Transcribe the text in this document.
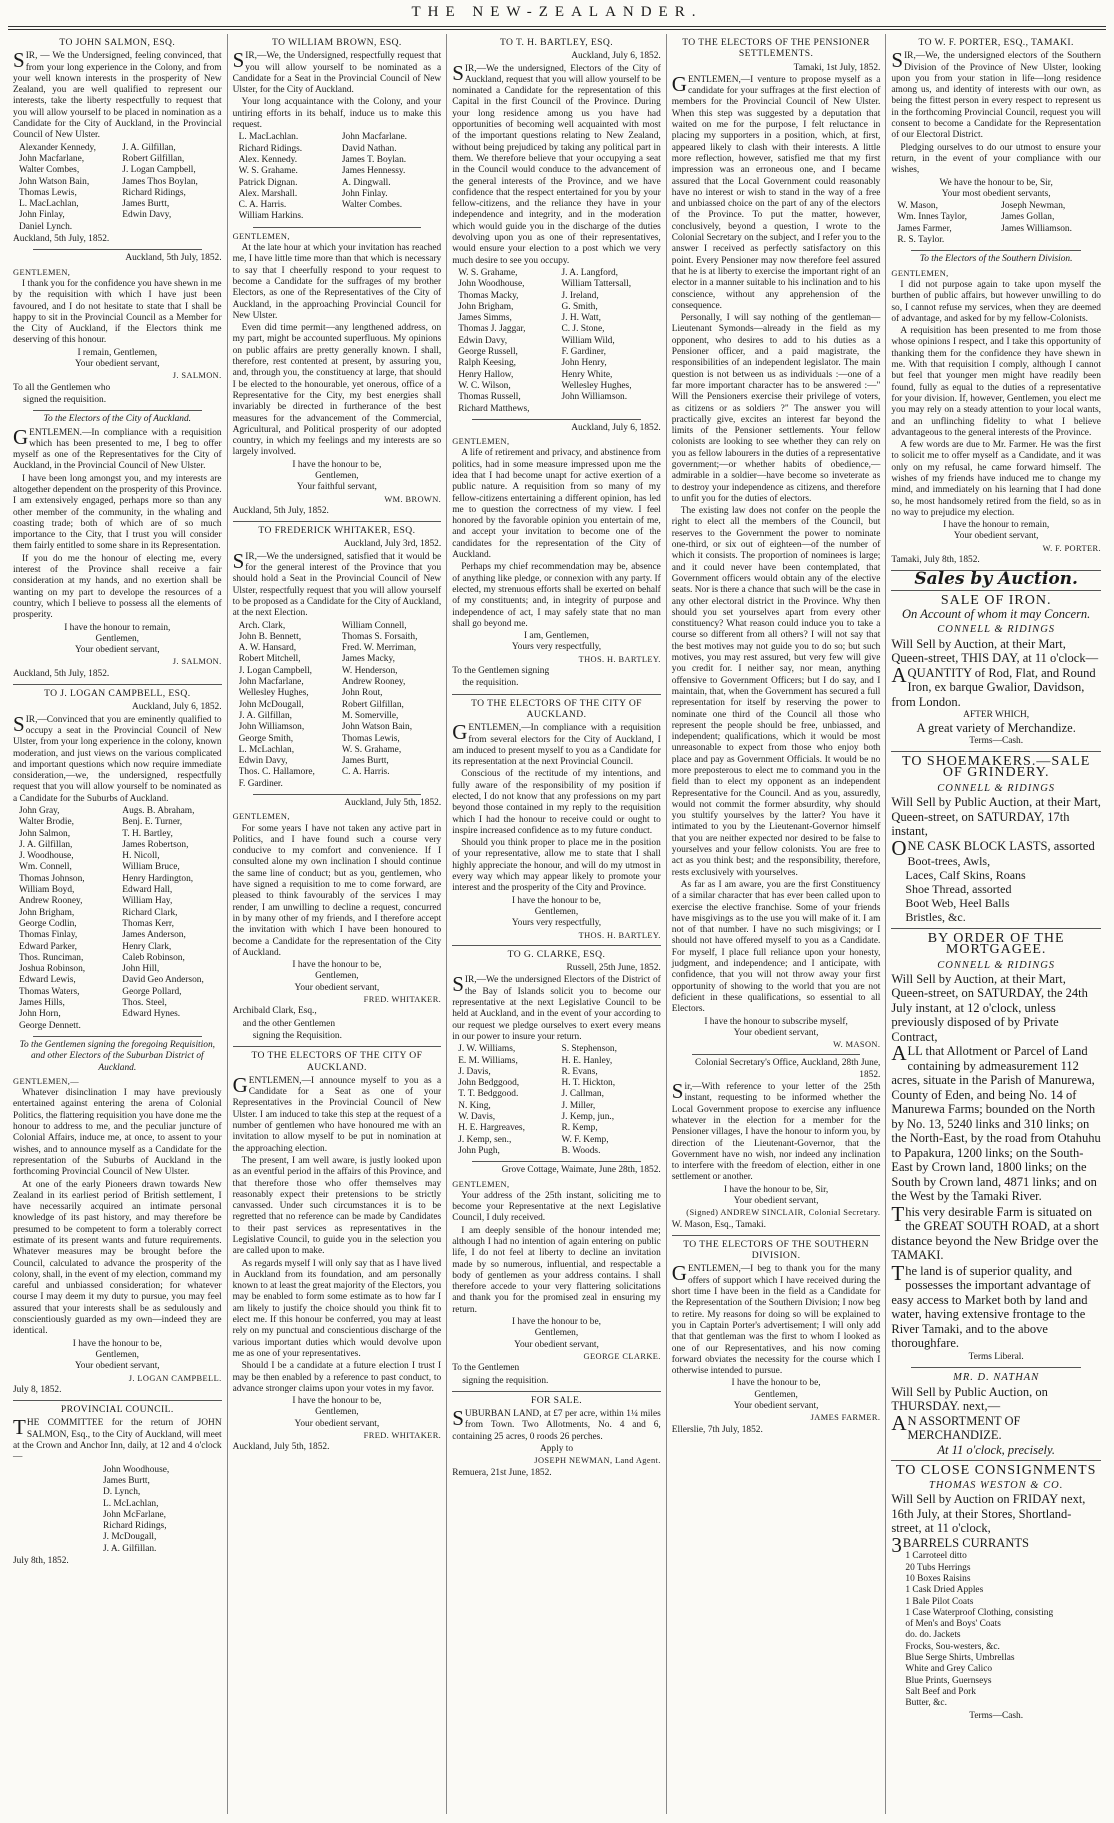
THE NEW-ZEALANDER.
TO JOHN SALMON, ESQ.
SIR, — We the Undersigned, feeling convinced, that from your long experience in the Colony, and from your well known interests in the prosperity of New Zealand, you are well qualified to represent our interests, take the liberty respectfully to request that you will allow yourself to be placed in nomination as a Candidate for the City of Auckland, in the Provincial Council of New Ulster.
Alexander Kennedy,	J. A. Gilfillan,
John Macfarlane,	Robert Gilfillan,
Walter Combes,	J. Logan Campbell,
John Watson Bain,	James Thos Boylan,
Thomas Lewis,	Richard Ridings,
L. MacLachlan,	James Burtt,
John Finlay,	Edwin Davy,
Daniel Lynch.
Auckland, 5th July, 1852.
Auckland, 5th July, 1852.
GENTLEMEN,
I thank you for the confidence you have shewn in me by the requisition with which I have just been favoured, and I do not hesitate to state that I shall be happy to sit in the Provincial Council as a Member for the City of Auckland, if the Electors think me deserving of this honour.
I remain, Gentlemen,
Your obedient servant,
J. SALMON.
To all the Gentlemen who
signed the requisition.
To the Electors of the City of Auckland.
GENTLEMEN.—In compliance with a requisition which has been presented to me, I beg to offer myself as one of the Representatives for the City of Auckland, in the Provincial Council of New Ulster.
I have been long amongst you, and my interests are altogether dependent on the prosperity of this Province. I am extensively engaged, perhaps more so than any other member of the community, in the whaling and coasting trade; both of which are of so much importance to the City, that I trust you will consider them fairly entitled to some share in its Representation.
If you do me the honour of electing me, every interest of the Province shall receive a fair consideration at my hands, and no exertion shall be wanting on my part to develope the resources of a country, which I believe to possess all the elements of prosperity.
I have the honour to remain,
Gentlemen,
Your obedient servant,
J. SALMON.
Auckland, 5th July, 1852.
TO J. LOGAN CAMPBELL, ESQ.
Auckland, July 6, 1852.
SIR,—Convinced that you are eminently qualified to occupy a seat in the Provincial Council of New Ulster, from your long experience in the colony, known moderation, and just views on the various complicated and important questions which now require immediate consideration,—we, the undersigned, respectfully request that you will allow yourself to be nominated as a Candidate for the Suburbs of Auckland.
John Gray,	Augs. B. Abraham,
Walter Brodie,	Benj. E. Turner,
John Salmon,	T. H. Bartley,
J. A. Gilfillan,	James Robertson,
J. Woodhouse,	H. Nicoll,
Wm. Connell,	William Bruce,
Thomas Johnson,	Henry Hardington,
William Boyd,	Edward Hall,
Andrew Rooney,	William Hay,
John Brigham,	Richard Clark,
George Codlin,	Thomas Kerr,
Thomas Finlay,	James Anderson,
Edward Parker,	Henry Clark,
Thos. Runciman,	Caleb Robinson,
Joshua Robinson,	John Hill,
Edward Lewis,	David Geo Anderson,
Thomas Waters,	George Pollard,
James Hills,	Thos. Steel,
John Horn,	Edward Hynes.
George Dennett.
To the Gentlemen signing the foregoing Requisition, and other Electors of the Suburban District of Auckland.
GENTLEMEN,—
Whatever disinclination I may have previously entertained against entering the arena of Colonial Politics, the flattering requisition you have done me the honour to address to me, and the peculiar juncture of Colonial Affairs, induce me, at once, to assent to your wishes, and to announce myself as a Candidate for the representation of the Suburbs of Auckland in the forthcoming Provincial Council of New Ulster.
At one of the early Pioneers drawn towards New Zealand in its earliest period of British settlement, I have necessarily acquired an intimate personal knowledge of its past history, and may therefore be presumed to be competent to form a tolerably correct estimate of its present wants and future requirements. Whatever measures may be brought before the Council, calculated to advance the prosperity of the colony, shall, in the event of my election, command my careful and unbiassed consideration; for whatever course I may deem it my duty to pursue, you may feel assured that your interests shall be as sedulously and conscientiously guarded as my own—indeed they are identical.
I have the honour to be,
Gentlemen,
Your obedient servant,
J. LOGAN CAMPBELL.
July 8, 1852.
PROVINCIAL COUNCIL.
THE COMMITTEE for the return of JOHN SALMON, Esq., to the City of Auckland, will meet at the Crown and Anchor Inn, daily, at 12 and 4 o'clock—
John Woodhouse,
James Burtt,
D. Lynch,
L. McLachlan,
John McFarlane,
Richard Ridings,
J. McDougall,
J. A. Gilfillan.
July 8th, 1852.
TO WILLIAM BROWN, ESQ.
SIR,—We, the Undersigned, respectfully request that you will allow yourself to be nominated as a Candidate for a Seat in the Provincial Council of New Ulster, for the City of Auckland.
Your long acquaintance with the Colony, and your untiring efforts in its behalf, induce us to make this request.
L. MacLachlan.	John Macfarlane.
Richard Ridings.	David Nathan.
Alex. Kennedy.	James T. Boylan.
W. S. Grahame.	James Hennessy.
Patrick Dignan.	A. Dingwall.
Alex. Marshall.	John Finlay.
C. A. Harris.	Walter Combes.
William Harkins.
GENTLEMEN,
At the late hour at which your invitation has reached me, I have little time more than that which is necessary to say that I cheerfully respond to your request to become a Candidate for the suffrages of my brother Electors, as one of the Representatives of the City of Auckland, in the approaching Provincial Council for New Ulster.
Even did time permit—any lengthened address, on my part, might be accounted superfluous. My opinions on public affairs are pretty generally known. I shall, therefore, rest contented at present, by assuring you, and, through you, the constituency at large, that should I be elected to the honourable, yet onerous, office of a Representative for the City, my best energies shall invariably be directed in furtherance of the best measures for the advancement of the Commercial, Agricultural, and Political prosperity of our adopted country, in which my feelings and my interests are so largely involved.
I have the honour to be,
Gentlemen,
Your faithful servant,
WM. BROWN.
Auckland, 5th July, 1852.
TO FREDERICK WHITAKER, ESQ.
Auckland, July 3rd, 1852.
SIR,—We the undersigned, satisfied that it would be for the general interest of the Province that you should hold a Seat in the Provincial Council of New Ulster, respectfully request that you will allow yourself to be proposed as a Candidate for the City of Auckland, at the next Election.
Arch. Clark,	William Connell,
John B. Bennett,	Thomas S. Forsaith,
A. W. Hansard,	Fred. W. Merriman,
Robert Mitchell,	James Macky,
J. Logan Campbell,	W. Henderson,
John Macfarlane,	Andrew Rooney,
Wellesley Hughes,	John Rout,
John McDougall,	Robert Gilfillan,
J. A. Gilfillan,	M. Somerville,
John Williamson,	John Watson Bain,
George Smith,	Thomas Lewis,
L. McLachlan,	W. S. Grahame,
Edwin Davy,	James Burtt,
Thos. C. Hallamore,	C. A. Harris.
F. Gardiner.
Auckland, July 5th, 1852.
GENTLEMEN,
For some years I have not taken any active part in Politics, and I have found such a course very conducive to my comfort and convenience. If I consulted alone my own inclination I should continue the same line of conduct; but as you, gentlemen, who have signed a requisition to me to come forward, are pleased to think favourably of the services I may render, I am unwilling to decline a request, concurred in by many other of my friends, and I therefore accept the invitation with which I have been honoured to become a Candidate for the representation of the City of Auckland.
I have the honour to be,
Gentlemen,
Your obedient servant,
FRED. WHITAKER.
Archibald Clark, Esq.,
and the other Gentlemen
signing the Requisition.
TO THE ELECTORS OF THE CITY OF AUCKLAND.
GENTLEMEN,—I announce myself to you as a Candidate for a Seat as one of your Representatives in the Provincial Council of New Ulster. I am induced to take this step at the request of a number of gentlemen who have honoured me with an invitation to allow myself to be put in nomination at the approaching election.
The present, I am well aware, is justly looked upon as an eventful period in the affairs of this Province, and that therefore those who offer themselves may reasonably expect their pretensions to be strictly canvassed. Under such circumstances it is to be regretted that no reference can be made by Candidates to their past services as representatives in the Legislative Council, to guide you in the selection you are called upon to make.
As regards myself I will only say that as I have lived in Auckland from its foundation, and am personally known to at least the great majority of the Electors, you may be enabled to form some estimate as to how far I am likely to justify the choice should you think fit to elect me. If this honour be conferred, you may at least rely on my punctual and conscientious discharge of the various important duties which would devolve upon me as one of your representatives.
Should I be a candidate at a future election I trust I may be then enabled by a reference to past conduct, to advance stronger claims upon your votes in my favor.
I have the honour to be,
Gentlemen,
Your obedient servant,
FRED. WHITAKER.
Auckland, July 5th, 1852.
TO T. H. BARTLEY, ESQ.
Auckland, July 6, 1852.
SIR,—We the undersigned, Electors of the City of Auckland, request that you will allow yourself to be nominated a Candidate for the representation of this Capital in the first Council of the Province. During your long residence among us you have had opportunities of becoming well acquainted with most of the important questions relating to New Zealand, without being prejudiced by taking any political part in them. We therefore believe that your occupying a seat in the Council would conduce to the advancement of the general interests of the Province, and we have confidence that the respect entertained for you by your fellow-citizens, and the reliance they have in your independence and integrity, and in the moderation which would guide you in the discharge of the duties devolving upon you as one of their representatives, would ensure your election to a post which we very much desire to see you occupy.
W. S. Grahame,	J. A. Langford,
John Woodhouse,	William Tattersall,
Thomas Macky,	J. Ireland,
John Brigham,	G. Smith,
James Simms,	J. H. Watt,
Thomas J. Jaggar,	C. J. Stone,
Edwin Davy,	William Wild,
George Russell,	F. Gardiner,
Ralph Keesing,	John Henry,
Henry Hallow,	Henry White,
W. C. Wilson,	Wellesley Hughes,
Thomas Russell,	John Williamson.
Richard Matthews,
Auckland, July 6, 1852.
GENTLEMEN,
A life of retirement and privacy, and abstinence from politics, had in some measure impressed upon me the idea that I had become unapt for active exertion of a public nature. A requisition from so many of my fellow-citizens entertaining a different opinion, has led me to question the correctness of my view. I feel honored by the favorable opinion you entertain of me, and accept your invitation to become one of the candidates for the representation of the City of Auckland.
Perhaps my chief recommendation may be, absence of anything like pledge, or connexion with any party. If elected, my strenuous efforts shall be exerted on behalf of my constituents; and, in integrity of purpose and independence of act, I may safely state that no man shall go beyond me.
I am, Gentlemen,
Yours very respectfully,
THOS. H. BARTLEY.
To the Gentlemen signing
the requisition.
TO THE ELECTORS OF THE CITY OF AUCKLAND.
GENTLEMEN,—In compliance with a requisition from several electors for the City of Auckland, I am induced to present myself to you as a Candidate for its representation at the next Provincial Council.
Conscious of the rectitude of my intentions, and fully aware of the responsibility of my position if elected, I do not know that any professions on my part beyond those contained in my reply to the requisition which I had the honour to receive could or ought to inspire increased confidence as to my future conduct.
Should you think proper to place me in the position of your representative, allow me to state that I shall highly appreciate the honour, and will do my utmost in every way which may appear likely to promote your interest and the prosperity of the City and Province.
I have the honour to be,
Gentlemen,
Yours very respectfully,
THOS. H. BARTLEY.
TO G. CLARKE, ESQ.
Russell, 25th June, 1852.
SIR,—We the undersigned Electors of the District of the Bay of Islands solicit you to become our representative at the next Legislative Council to be held at Auckland, and in the event of your according to our request we pledge ourselves to exert every means in our power to insure your return.
J. W. Williams,	S. Stephenson,
E. M. Williams,	H. E. Hanley,
J. Davis,	R. Evans,
John Bedggood,	H. T. Hickton,
T. T. Bedggood.	J. Callman,
N. King,	J. Miller,
W. Davis,	J. Kemp, jun.,
H. E. Hargreaves,	R. Kemp,
J. Kemp, sen.,	W. F. Kemp,
John Pugh,	B. Woods.
Grove Cottage, Waimate, June 28th, 1852.
GENTLEMEN,
Your address of the 25th instant, soliciting me to become your Representative at the next Legislative Council, I duly received.
I am deeply sensible of the honour intended me; although I had no intention of again entering on public life, I do not feel at liberty to decline an invitation made by so numerous, influential, and respectable a body of gentlemen as your address contains. I shall therefore accede to your very flattering solicitations and thank you for the promised zeal in ensuring my return.
I have the honour to be,
Gentlemen,
Your obedient servant,
GEORGE CLARKE.
To the Gentlemen
signing the requisition.
FOR SALE.
SUBURBAN LAND, at £7 per acre, within 1¼ miles from Town. Two Allotments, No. 4 and 6, containing 25 acres, 0 roods 26 perches.
Apply to
JOSEPH NEWMAN, Land Agent.
Remuera, 21st June, 1852.
TO THE ELECTORS OF THE PENSIONER SETTLEMENTS.
Tamaki, 1st July, 1852.
GENTLEMEN,—I venture to propose myself as a candidate for your suffrages at the first election of members for the Provincial Council of New Ulster. When this step was suggested by a deputation that waited on me for the purpose, I felt reluctance in placing my supporters in a position, which, at first, appeared likely to clash with their interests. A little more reflection, however, satisfied me that my first impression was an erroneous one, and I became assured that the Local Government could reasonably have no interest or wish to stand in the way of a free and unbiassed choice on the part of any of the electors of the Province. To put the matter, however, conclusively, beyond a question, I wrote to the Colonial Secretary on the subject, and I refer you to the answer I received as perfectly satisfactory on this point. Every Pensioner may now therefore feel assured that he is at liberty to exercise the important right of an elector in a manner suitable to his inclination and to his conscience, without any apprehension of the consequence.
Personally, I will say nothing of the gentleman—Lieutenant Symonds—already in the field as my opponent, who desires to add to his duties as a Pensioner officer, and a paid magistrate, the responsibilities of an independent legislator. The main question is not between us as individuals :—one of a far more important character has to be answered :—" Will the Pensioners exercise their privilege of voters, as citizens or as soldiers ?" The answer you will practically give, excites an interest far beyond the limits of the Pensioner settlements. Your fellow colonists are looking to see whether they can rely on you as fellow labourers in the duties of a representative government;—or whether habits of obedience,—admirable in a soldier—have become so inveterate as to destroy your independence as citizens, and therefore to unfit you for the duties of electors.
The existing law does not confer on the people the right to elect all the members of the Council, but reserves to the Government the power to nominate one-third, or six out of eighteen—of the number of which it consists. The proportion of nominees is large; and it could never have been contemplated, that Government officers would obtain any of the elective seats. Nor is there a chance that such will be the case in any other electoral district in the Province. Why then should you set yourselves apart from every other constituency? What reason could induce you to take a course so different from all others? I will not say that the best motives may not guide you to do so; but such motives, you may rest assured, but very few will give you credit for. I neither say, nor mean, anything offensive to Government Officers; but I do say, and I maintain, that, when the Government has secured a full representation for itself by reserving the power to nominate one third of the Council all those who represent the people should be free, unbiassed, and independent; qualifications, which it would be most unreasonable to expect from those who enjoy both place and pay as Government Officials. It would be no more preposterous to elect me to command you in the field than to elect my opponent as an independent Representative for the Council. And as you, assuredly, would not commit the former absurdity, why should you stultify yourselves by the latter? You have it intimated to you by the Lieutenant-Governor himself that you are neither expected nor desired to be false to yourselves and your fellow colonists. You are free to act as you think best; and the responsibility, therefore, rests exclusively with yourselves.
As far as I am aware, you are the first Constituency of a similar character that has ever been called upon to exercise the elective franchise. Some of your friends have misgivings as to the use you will make of it. I am not of that number. I have no such misgivings; or I should not have offered myself to you as a Candidate. For myself, I place full reliance upon your honesty, judgment, and independence; and I anticipate, with confidence, that you will not throw away your first opportunity of showing to the world that you are not deficient in these qualifications, so essential to all Electors.
I have the honour to subscribe myself,
Your obedient servant,
W. MASON.
Colonial Secretary's Office, Auckland, 28th June, 1852.
Sir,—With reference to your letter of the 25th instant, requesting to be informed whether the Local Government propose to exercise any influence whatever in the election for a member for the Pensioner villages, I have the honour to inform you, by direction of the Lieutenant-Governor, that the Government have no wish, nor indeed any inclination to interfere with the freedom of election, either in one settlement or another.
I have the honour to be, Sir,
Your obedient servant,
(Signed) ANDREW SINCLAIR, Colonial Secretary.
W. Mason, Esq., Tamaki.
TO THE ELECTORS OF THE SOUTHERN DIVISION.
GENTLEMEN,—I beg to thank you for the many offers of support which I have received during the short time I have been in the field as a Candidate for the Representation of the Southern Division; I now beg to retire. My reasons for doing so will be explained to you in Captain Porter's advertisement; I will only add that that gentleman was the first to whom I looked as one of our Representatives, and his now coming forward obviates the necessity for the course which I otherwise intended to pursue.
I have the honour to be,
Gentlemen,
Your obedient servant,
JAMES FARMER.
Ellerslie, 7th July, 1852.
TO W. F. PORTER, ESQ., TAMAKI.
SIR,—We, the undersigned electors of the Southern Division of the Province of New Ulster, looking upon you from your station in life—long residence among us, and identity of interests with our own, as being the fittest person in every respect to represent us in the forthcoming Provincial Council, request you will consent to become a Candidate for the Representation of our Electoral District.
Pledging ourselves to do our utmost to ensure your return, in the event of your compliance with our wishes,
We have the honour to be, Sir,
Your most obedient servants,
W. Mason,	Joseph Newman,
Wm. Innes Taylor,	James Gollan,
James Farmer,	James Williamson.
R. S. Taylor.
To the Electors of the Southern Division.
GENTLEMEN,
I did not purpose again to take upon myself the burthen of public affairs, but however unwilling to do so, I cannot refuse my services, when they are deemed of advantage, and asked for by my fellow-Colonists.
A requisition has been presented to me from those whose opinions I respect, and I take this opportunity of thanking them for the confidence they have shewn in me. With that requisition I comply, although I cannot but feel that younger men might have readily been found, fully as equal to the duties of a representative for your division. If, however, Gentlemen, you elect me you may rely on a steady attention to your local wants, and an unflinching fidelity to what I believe advantageous to the general interests of the Province.
A few words are due to Mr. Farmer. He was the first to solicit me to offer myself as a Candidate, and it was only on my refusal, he came forward himself. The wishes of my friends have induced me to change my mind, and immediately on his learning that I had done so, he most handsomely retired from the field, so as in no way to prejudice my election.
I have the honour to remain,
Your obedient servant,
W. F. PORTER.
Tamaki, July 8th, 1852.
Sales by Auction.
SALE OF IRON.
On Account of whom it may Concern.
CONNELL & RIDINGS
Will Sell by Auction, at their Mart, Queen-street, THIS DAY, at 11 o'clock—
AQUANTITY of Rod, Flat, and Round Iron, ex barque Gwalior, Davidson, from London.
AFTER WHICH,
A great variety of Merchandize.
Terms—Cash.
TO SHOEMAKERS.—SALE OF GRINDERY.
CONNELL & RIDINGS
Will Sell by Public Auction, at their Mart, Queen-street, on SATURDAY, 17th instant,
ONE CASK BLOCK LASTS, assorted
Boot-trees, Awls,
Laces, Calf Skins, Roans
Shoe Thread, assorted
Boot Web, Heel Balls
Bristles, &c.
BY ORDER OF THE MORTGAGEE.
CONNELL & RIDINGS
Will Sell by Auction, at their Mart, Queen-street, on SATURDAY, the 24th July instant, at 12 o'clock, unless previously disposed of by Private Contract,
ALL that Allotment or Parcel of Land containing by admeasurement 112 acres, situate in the Parish of Manurewa, County of Eden, and being No. 14 of Manurewa Farms; bounded on the North by No. 13, 5240 links and 310 links; on the North-East, by the road from Otahuhu to Papakura, 1200 links; on the South-East by Crown land, 1800 links; on the South by Crown land, 4871 links; and on the West by the Tamaki River.
This very desirable Farm is situated on the GREAT SOUTH ROAD, at a short distance beyond the New Bridge over the TAMAKI.
The land is of superior quality, and possesses the important advantage of easy access to Market both by land and water, having extensive frontage to the River Tamaki, and to the above thoroughfare.
Terms Liberal.
MR. D. NATHAN
Will Sell by Public Auction, on THURSDAY. next,—
AN ASSORTMENT OF MERCHANDIZE.
At 11 o'clock, precisely.
TO CLOSE CONSIGNMENTS
THOMAS WESTON & CO.
Will Sell by Auction on FRIDAY next, 16th July, at their Stores, Shortland-street, at 11 o'clock,
3BARRELS CURRANTS
1 Carroteel ditto
20 Tubs Herrings
10 Boxes Raisins
1 Cask Dried Apples
1 Bale Pilot Coats
1 Case Waterproof Clothing, consisting
of Men's and Boys' Coats
do. do. Jackets
Frocks, Sou-westers, &c.
Blue Serge Shirts, Umbrellas
White and Grey Calico
Blue Prints, Guernseys
Salt Beef and Pork
Butter, &c.
Terms—Cash.
